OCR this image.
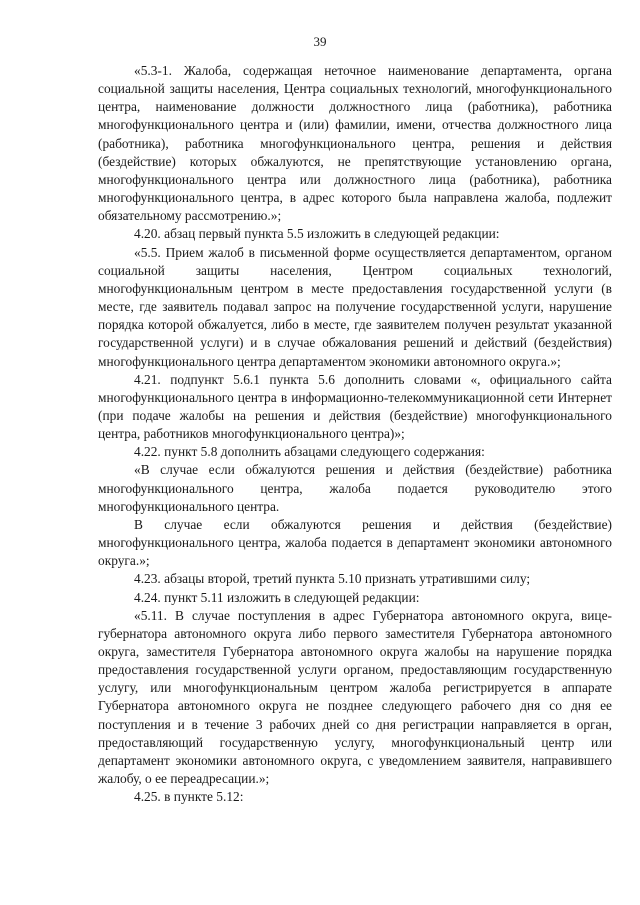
39

«5.3-1. Жалоба, содержащая неточное наименование департамента, органа социальной защиты населения, Центра социальных технологий, многофункционального центра, наименование должности должностного лица (работника), работника многофункционального центра и (или) фамилии, имени, отчества должностного лица (работника), работника многофункционального центра, решения и действия (бездействие) которых обжалуются, не препятствующие установлению органа, многофункционального центра или должностного лица (работника), работника многофункционального центра, в адрес которого была направлена жалоба, подлежит обязательному рассмотрению.»;

4.20. абзац первый пункта 5.5 изложить в следующей редакции:

«5.5. Прием жалоб в письменной форме осуществляется департаментом, органом социальной защиты населения, Центром социальных технологий, многофункциональным центром в месте предоставления государственной услуги (в месте, где заявитель подавал запрос на получение государственной услуги, нарушение порядка которой обжалуется, либо в месте, где заявителем получен результат указанной государственной услуги) и в случае обжалования решений и действий (бездействия) многофункционального центра департаментом экономики автономного округа.»;

4.21. подпункт 5.6.1 пункта 5.6 дополнить словами «, официального сайта многофункционального центра в информационно-телекоммуникационной сети Интернет (при подаче жалобы на решения и действия (бездействие) многофункционального центра, работников многофункционального центра)»;

4.22. пункт 5.8 дополнить абзацами следующего содержания:

«В случае если обжалуются решения и действия (бездействие) работника многофункционального центра, жалоба подается руководителю этого многофункционального центра.

В случае если обжалуются решения и действия (бездействие) многофункционального центра, жалоба подается в департамент экономики автономного округа.»;

4.23. абзацы второй, третий пункта 5.10 признать утратившими силу;

4.24. пункт 5.11 изложить в следующей редакции:

«5.11. В случае поступления в адрес Губернатора автономного округа, вице-губернатора автономного округа либо первого заместителя Губернатора автономного округа, заместителя Губернатора автономного округа жалобы на нарушение порядка предоставления государственной услуги органом, предоставляющим государственную услугу, или многофункциональным центром жалоба регистрируется в аппарате Губернатора автономного округа не позднее следующего рабочего дня со дня ее поступления и в течение 3 рабочих дней со дня регистрации направляется в орган, предоставляющий государственную услугу, многофункциональный центр или департамент экономики автономного округа, с уведомлением заявителя, направившего жалобу, о ее переадресации.»;

4.25. в пункте 5.12:
